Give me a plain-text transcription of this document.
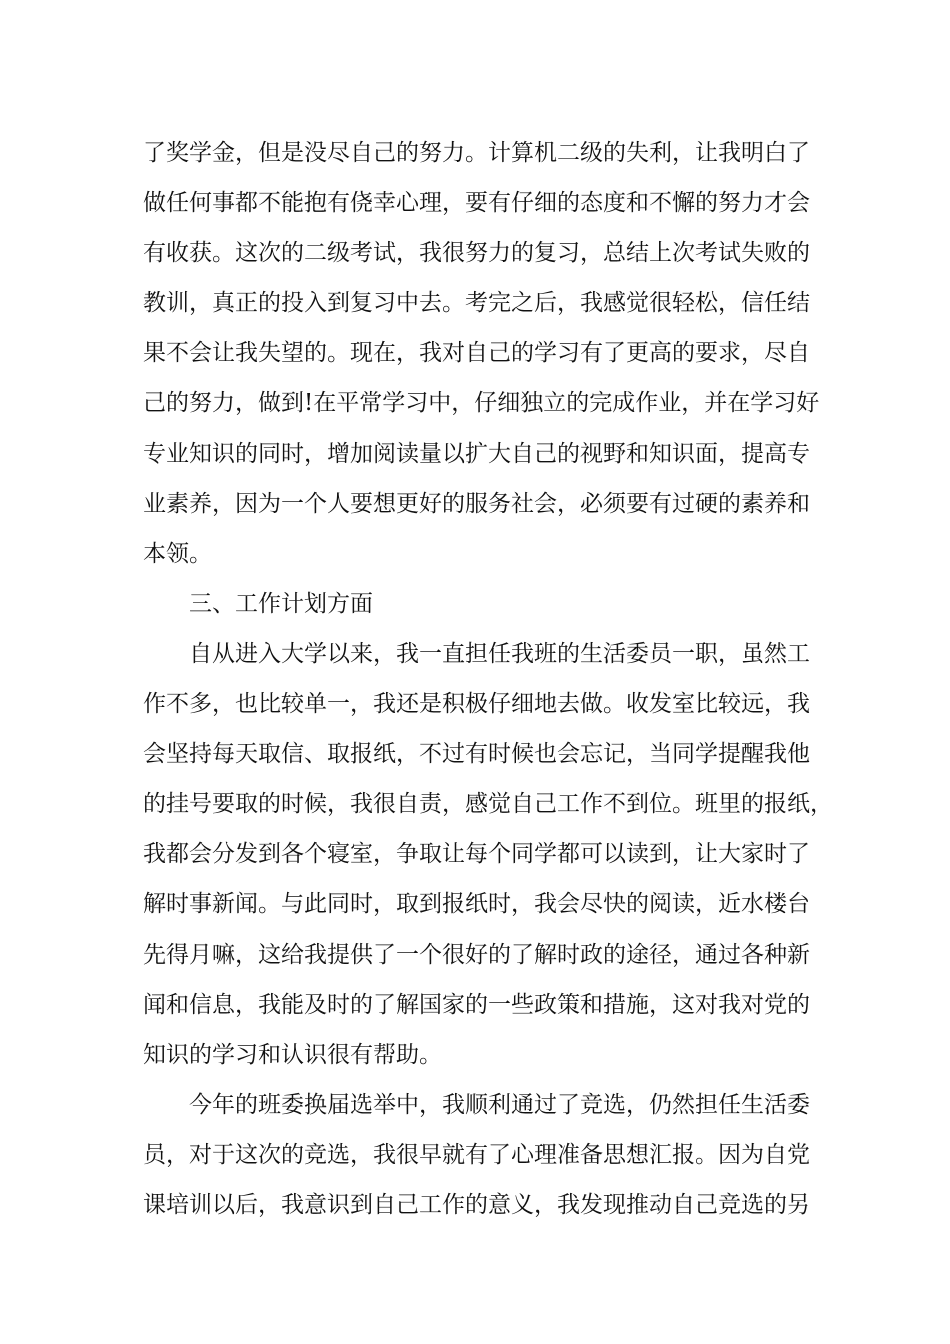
了奖学金，但是没尽自己的努力。计算机二级的失利，让我明白了
做任何事都不能抱有侥幸心理，要有仔细的态度和不懈的努力才会
有收获。这次的二级考试，我很努力的复习，总结上次考试失败的
教训，真正的投入到复习中去。考完之后，我感觉很轻松，信任结
果不会让我失望的。现在，我对自己的学习有了更高的要求，尽自
己的努力，做到!在平常学习中，仔细独立的完成作业，并在学习好
专业知识的同时，增加阅读量以扩大自己的视野和知识面，提高专
业素养，因为一个人要想更好的服务社会，必须要有过硬的素养和
本领。
三、工作计划方面
自从进入大学以来，我一直担任我班的生活委员一职，虽然工
作不多，也比较单一，我还是积极仔细地去做。收发室比较远，我
会坚持每天取信、取报纸，不过有时候也会忘记，当同学提醒我他
的挂号要取的时候，我很自责，感觉自己工作不到位。班里的报纸，
我都会分发到各个寝室，争取让每个同学都可以读到，让大家时了
解时事新闻。与此同时，取到报纸时，我会尽快的阅读，近水楼台
先得月嘛，这给我提供了一个很好的了解时政的途径，通过各种新
闻和信息，我能及时的了解国家的一些政策和措施，这对我对党的
知识的学习和认识很有帮助。
今年的班委换届选举中，我顺利通过了竞选，仍然担任生活委
员，对于这次的竞选，我很早就有了心理准备思想汇报。因为自党
课培训以后，我意识到自己工作的意义，我发现推动自己竞选的另
